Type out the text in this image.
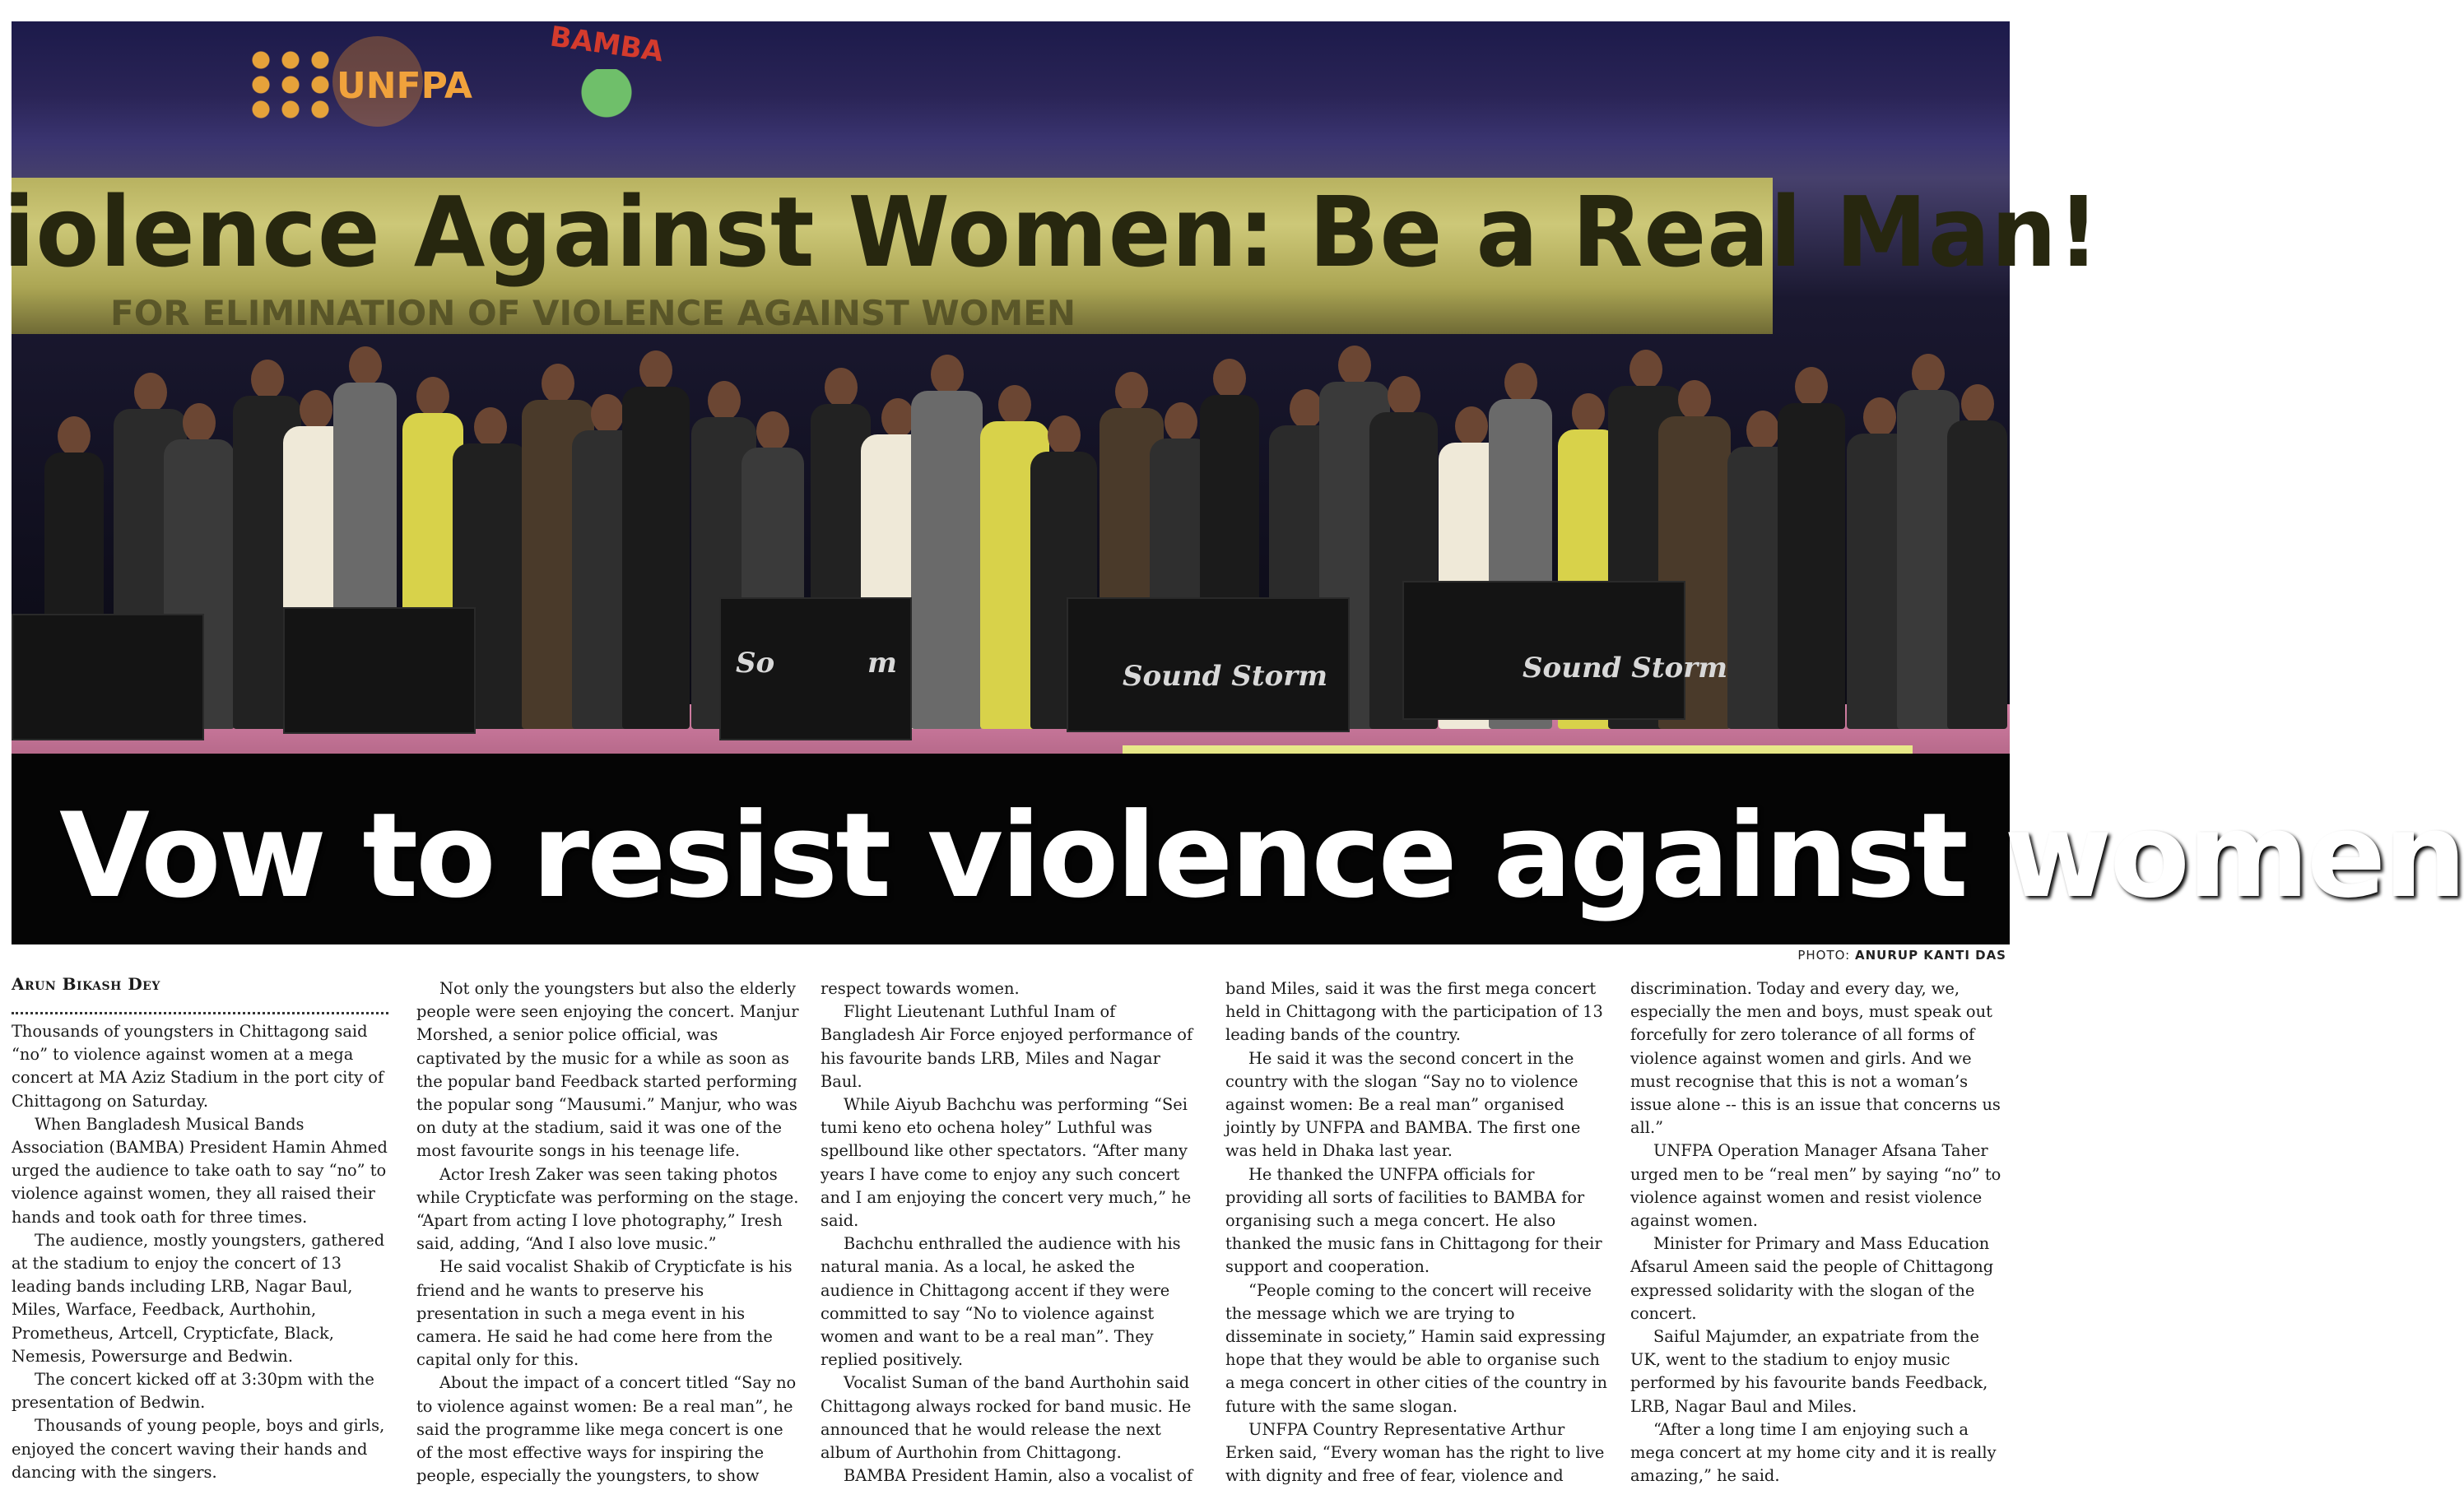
UNFPA
BAMBA
iolence Against Women: Be a Real Man!
FOR ELIMINATION OF VIOLENCE AGAINST WOMEN
So	m	Sound Storm	Sound Storm
Vow to resist violence against women
PHOTO: ANURUP KANTI DAS
Arun Bikash Dey

Thousands of youngsters in Chittagong said “no” to violence against women at a mega concert at MA Aziz Stadium in the port city of Chittagong on Saturday.

When Bangladesh Musical Bands Association (BAMBA) President Hamin Ahmed urged the audience to take oath to say “no” to violence against women, they all raised their hands and took oath for three times.

The audience, mostly youngsters, gathered at the stadium to enjoy the concert of 13 leading bands including LRB, Nagar Baul, Miles, Warface, Feedback, Aurthohin, Prometheus, Artcell, Crypticfate, Black, Nemesis, Powersurge and Bedwin.

The concert kicked off at 3:30pm with the presentation of Bedwin.

Thousands of young people, boys and girls, enjoyed the concert waving their hands and dancing with the singers.

Not only the youngsters but also the elderly people were seen enjoying the concert. Manjur Morshed, a senior police official, was captivated by the music for a while as soon as the popular band Feedback started performing the popular song “Mausumi.” Manjur, who was on duty at the stadium, said it was one of the most favourite songs in his teenage life.

Actor Iresh Zaker was seen taking photos while Crypticfate was performing on the stage. “Apart from acting I love photography,” Iresh said, adding, “And I also love music.”

He said vocalist Shakib of Crypticfate is his friend and he wants to preserve his presentation in such a mega event in his camera. He said he had come here from the capital only for this.

About the impact of a concert titled “Say no to violence against women: Be a real man”, he said the programme like mega concert is one of the most effective ways for inspiring the people, especially the youngsters, to show

respect towards women.

Flight Lieutenant Luthful Inam of Bangladesh Air Force enjoyed performance of his favourite bands LRB, Miles and Nagar Baul.

While Aiyub Bachchu was performing “Sei tumi keno eto ochena holey” Luthful was spellbound like other spectators. “After many years I have come to enjoy any such concert and I am enjoying the concert very much,” he said.

Bachchu enthralled the audience with his natural mania. As a local, he asked the audience in Chittagong accent if they were committed to say “No to violence against women and want to be a real man”. They replied positively.

Vocalist Suman of the band Aurthohin said Chittagong always rocked for band music. He announced that he would release the next album of Aurthohin from Chittagong.

BAMBA President Hamin, also a vocalist of

band Miles, said it was the first mega concert held in Chittagong with the participation of 13 leading bands of the country.

He said it was the second concert in the country with the slogan “Say no to violence against women: Be a real man” organised jointly by UNFPA and BAMBA. The first one was held in Dhaka last year.

He thanked the UNFPA officials for providing all sorts of facilities to BAMBA for organising such a mega concert. He also thanked the music fans in Chittagong for their support and cooperation.

“People coming to the concert will receive the message which we are trying to disseminate in society,” Hamin said expressing hope that they would be able to organise such a mega concert in other cities of the country in future with the same slogan.

UNFPA Country Representative Arthur Erken said, “Every woman has the right to live with dignity and free of fear, violence and

discrimination. Today and every day, we, especially the men and boys, must speak out forcefully for zero tolerance of all forms of violence against women and girls. And we must recognise that this is not a woman’s issue alone -- this is an issue that concerns us all.”

UNFPA Operation Manager Afsana Taher urged men to be “real men” by saying “no” to violence against women and resist violence against women.

Minister for Primary and Mass Education Afsarul Ameen said the people of Chittagong expressed solidarity with the slogan of the concert.

Saiful Majumder, an expatriate from the UK, went to the stadium to enjoy music performed by his favourite bands Feedback, LRB, Nagar Baul and Miles.

“After a long time I am enjoying such a mega concert at my home city and it is really amazing,” he said.
